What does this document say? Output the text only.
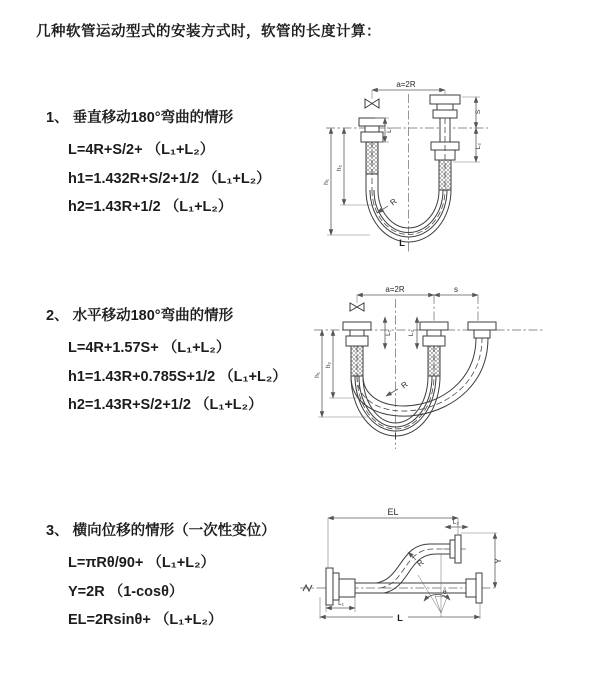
几种软管运动型式的安装方式时，软管的长度计算：
1、 垂直移动180°弯曲的情形
L=4R+S/2+ （L₁+L₂）
h1=1.432R+S/2+1/2 （L₁+L₂）
h2=1.43R+1/2 （L₁+L₂）
2、 水平移动180°弯曲的情形
L=4R+1.57S+ （L₁+L₂）
h1=1.43R+0.785S+1/2 （L₁+L₂）
h2=1.43R+S/2+1/2 （L₁+L₂）
3、 横向位移的情形（一次性变位）
L=πRθ/90+ （L₁+L₂）
Y=2R （1-cosθ）
EL=2Rsinθ+ （L₁+L₂）
a=2R
L₁
S
L₂
h₁
h₂
R
L
a=2R	s
L₁ L₂
h₁
h₂
R
EL
L₂
Y
R
θ
L₁
L
